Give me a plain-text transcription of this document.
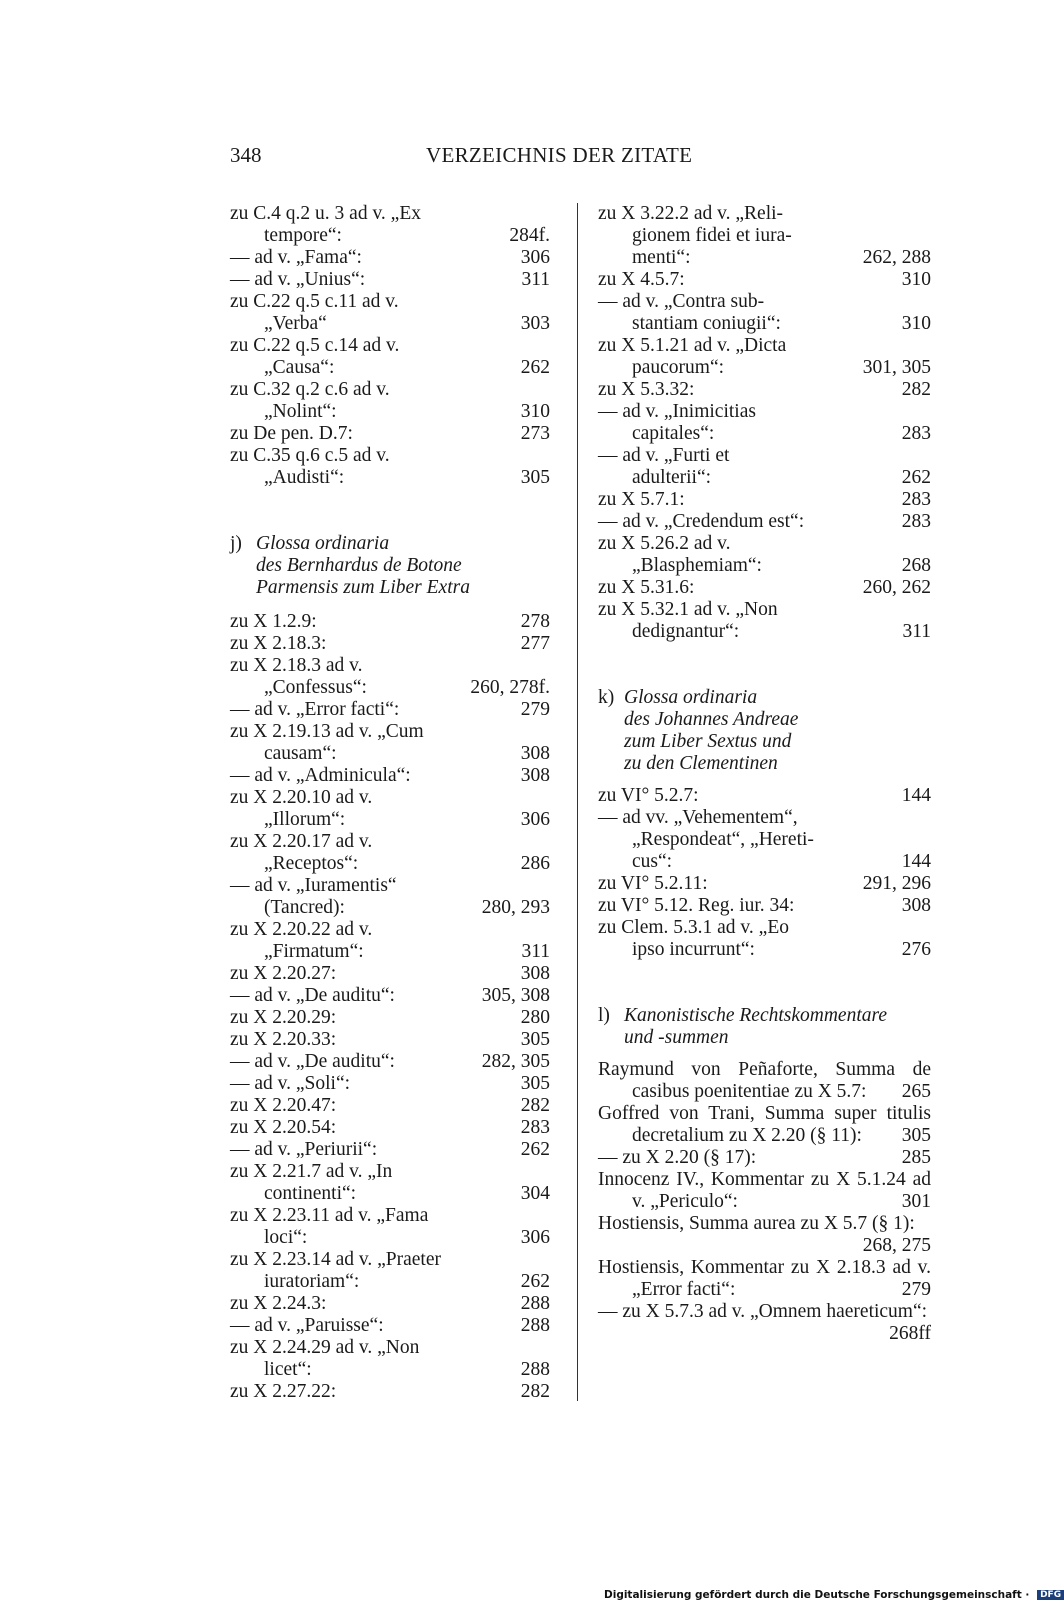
348	VERZEICHNIS DER ZITATE
zu C.4 q.2 u. 3 ad v. „Ex
tempore“:	284f.
— ad v. „Fama“:	306
— ad v. „Unius“:	311
zu C.22 q.5 c.11 ad v.
„Verba“	303
zu C.22 q.5 c.14 ad v.
„Causa“:	262
zu C.32 q.2 c.6 ad v.
„Nolint“:	310
zu De pen. D.7:	273
zu C.35 q.6 c.5 ad v.
„Audisti“:	305
j) Glossa ordinaria
des Bernhardus de Botone
Parmensis zum Liber Extra
zu X 1.2.9:	278
zu X 2.18.3:	277
zu X 2.18.3 ad v.
„Confessus“:	260, 278f.
— ad v. „Error facti“:	279
zu X 2.19.13 ad v. „Cum
causam“:	308
— ad v. „Adminicula“:	308
zu X 2.20.10 ad v.
„Illorum“:	306
zu X 2.20.17 ad v.
„Receptos“:	286
— ad v. „Iuramentis“
(Tancred):	280, 293
zu X 2.20.22 ad v.
„Firmatum“:	311
zu X 2.20.27:	308
— ad v. „De auditu“:	305, 308
zu X 2.20.29:	280
zu X 2.20.33:	305
— ad v. „De auditu“:	282, 305
— ad v. „Soli“:	305
zu X 2.20.47:	282
zu X 2.20.54:	283
— ad v. „Periurii“:	262
zu X 2.21.7 ad v. „In
continenti“:	304
zu X 2.23.11 ad v. „Fama
loci“:	306
zu X 2.23.14 ad v. „Praeter
iuratoriam“:	262
zu X 2.24.3:	288
— ad v. „Paruisse“:	288
zu X 2.24.29 ad v. „Non
licet“:	288
zu X 2.27.22:	282
zu X 3.22.2 ad v. „Reli-
gionem fidei et iura-
menti“:	262, 288
zu X 4.5.7:	310
— ad v. „Contra sub-
stantiam coniugii“:	310
zu X 5.1.21 ad v. „Dicta
paucorum“:	301, 305
zu X 5.3.32:	282
— ad v. „Inimicitias
capitales“:	283
— ad v. „Furti et
adulterii“:	262
zu X 5.7.1:	283
— ad v. „Credendum est“:	283
zu X 5.26.2 ad v.
„Blasphemiam“:	268
zu X 5.31.6:	260, 262
zu X 5.32.1 ad v. „Non
dedignantur“:	311
k) Glossa ordinaria
des Johannes Andreae
zum Liber Sextus und
zu den Clementinen
zu VI° 5.2.7:	144
— ad vv. „Vehementem“,
„Respondeat“, „Hereti-
cus“:	144
zu VI° 5.2.11:	291, 296
zu VI° 5.12. Reg. iur. 34:	308
zu Clem. 5.3.1 ad v. „Eo
ipso incurrunt“:	276
l) Kanonistische Rechtskommentare
und -summen
Raymund von Peñaforte, Summa de casibus poenitentiae zu X 5.7: 265
Goffred von Trani, Summa super titulis decretalium zu X 2.20 (§ 11): 305
— zu X 2.20 (§ 17):	285
Innocenz IV., Kommentar zu X 5.1.24 ad v. „Periculo“:	301
Hostiensis, Summa aurea zu X 5.7 (§ 1):
268, 275
Hostiensis, Kommentar zu X 2.18.3 ad v. „Error facti“:	279
— zu X 5.7.3 ad v. „Omnem haereticum“:
268ff
Digitalisierung gefördert durch die Deutsche Forschungsgemeinschaft · DFG
